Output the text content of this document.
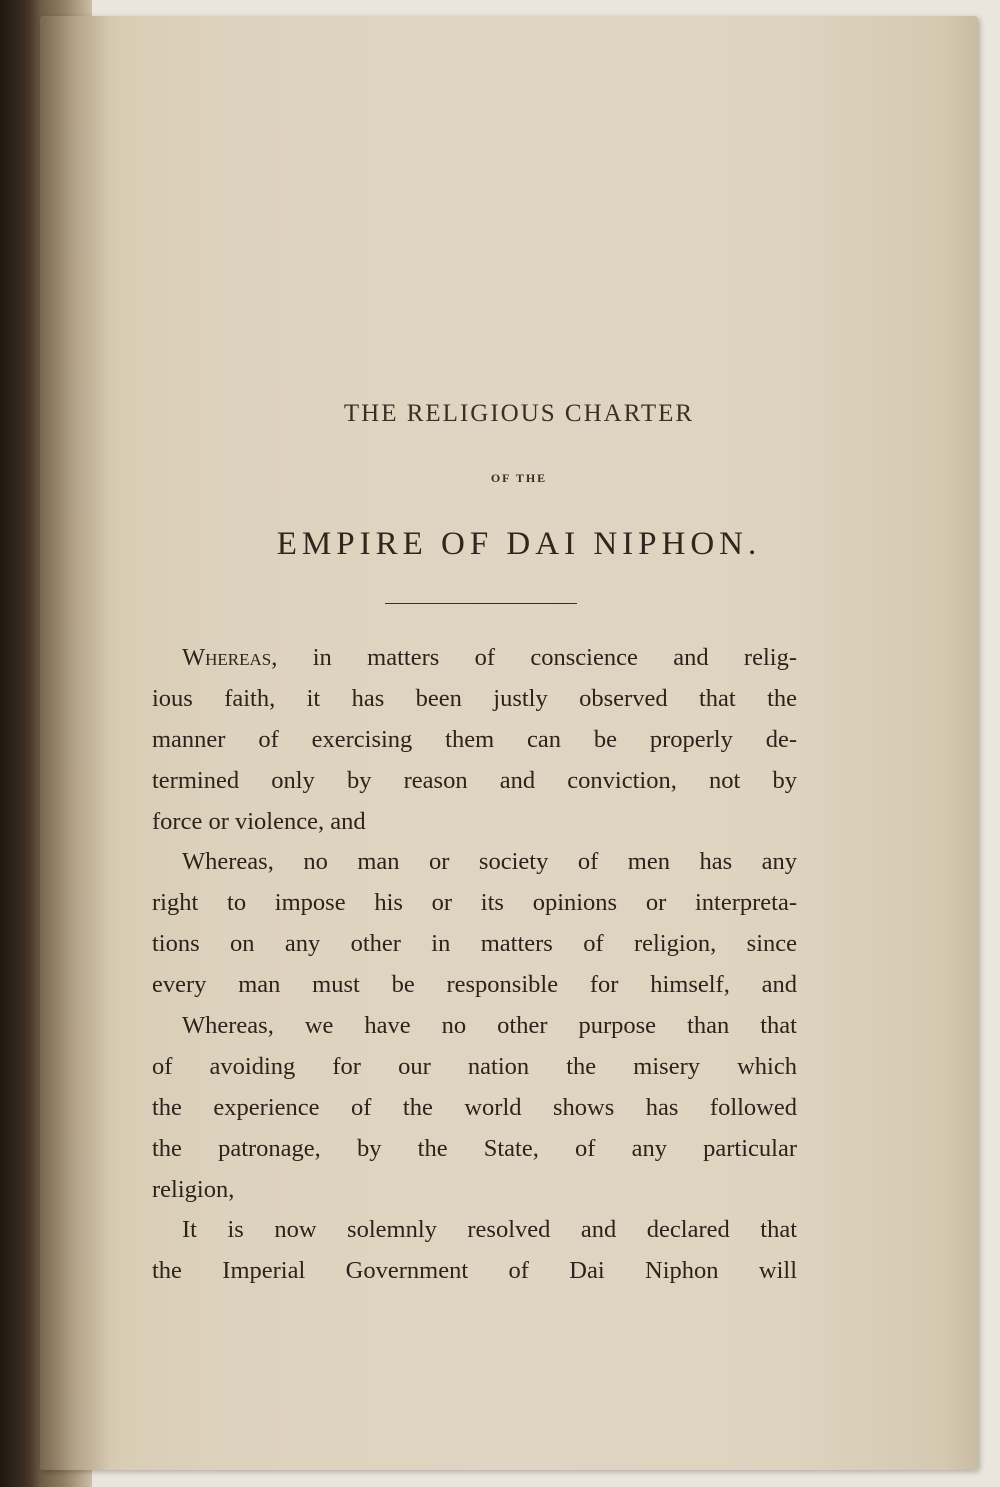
THE RELIGIOUS CHARTER
OF THE
EMPIRE OF DAI NIPHON.
Whereas, in matters of conscience and relig-
ious faith, it has been justly observed that the
manner of exercising them can be properly de-
termined only by reason and conviction, not by
force or violence, and
Whereas, no man or society of men has any
right to impose his or its opinions or interpreta-
tions on any other in matters of religion, since
every man must be responsible for himself, and
Whereas, we have no other purpose than that
of avoiding for our nation the misery which
the experience of the world shows has followed
the patronage, by the State, of any particular
religion,
It is now solemnly resolved and declared that
the Imperial Government of Dai Niphon will
